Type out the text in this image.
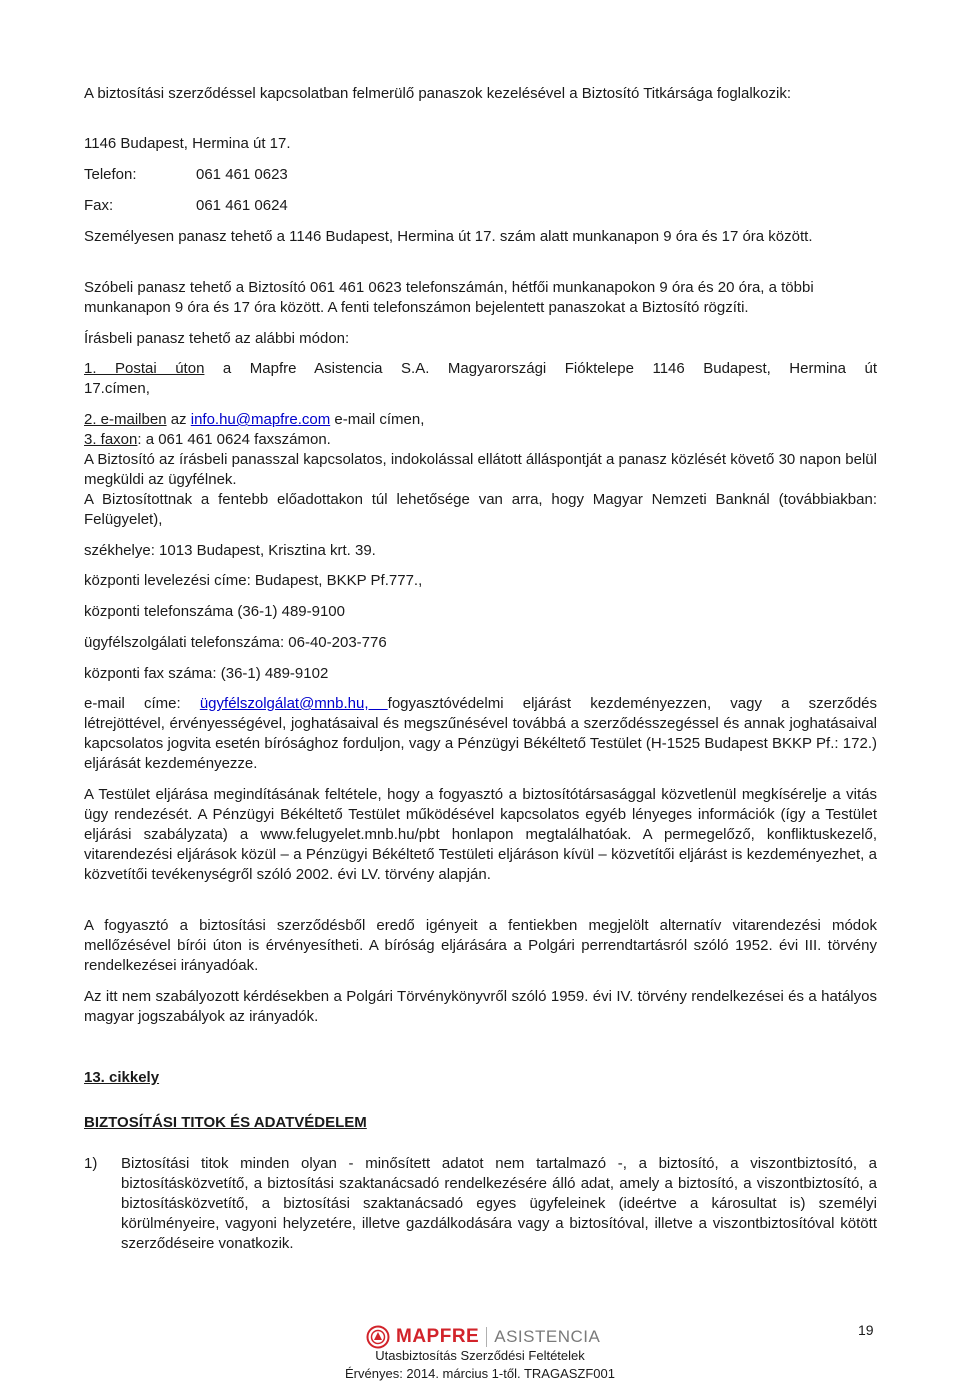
A biztosítási szerződéssel kapcsolatban felmerülő panaszok kezelésével a Biztosító Titkársága foglalkozik:

1146 Budapest, Hermina út 17.

Telefon:	061 461 0623

Fax:	061 461 0624

Személyesen panasz tehető a 1146 Budapest, Hermina út 17. szám alatt munkanapon 9 óra és 17 óra között.

Szóbeli panasz tehető a Biztosító 061 461 0623 telefonszámán, hétfői munkanapokon 9 óra és 20 óra, a többi munkanapon 9 óra és 17 óra között. A fenti telefonszámon bejelentett panaszokat a Biztosító rögzíti.

Írásbeli panasz tehető az alábbi módon:

1. Postai úton a Mapfre Asistencia S.A. Magyarországi Fióktelepe 1146 Budapest, Hermina út

17.címen,

2. e-mailben az info.hu@mapfre.com e-mail címen,

3. faxon: a 061 461 0624 faxszámon.

A Biztosító az írásbeli panasszal kapcsolatos, indokolással ellátott álláspontját a panasz közlését követő 30 napon belül megküldi az ügyfélnek.

A Biztosítottnak a fentebb előadottakon túl lehetősége van arra, hogy Magyar Nemzeti Banknál (továbbiakban: Felügyelet),

székhelye: 1013 Budapest, Krisztina krt. 39.

központi levelezési címe: Budapest, BKKP Pf.777.,

központi telefonszáma (36-1) 489-9100

ügyfélszolgálati telefonszáma: 06-40-203-776

központi fax száma: (36-1) 489-9102

e-mail címe: ügyfélszolgálat@mnb.hu, fogyasztóvédelmi eljárást kezdeményezzen, vagy a szerződés

létrejöttével, érvényességével, joghatásaival és megszűnésével továbbá a szerződésszegéssel és annak joghatásaival kapcsolatos jogvita esetén bírósághoz forduljon, vagy a Pénzügyi Békéltető Testület (H-1525 Budapest BKKP Pf.: 172.) eljárását kezdeményezze.

A Testület eljárása megindításának feltétele, hogy a fogyasztó a biztosítótársasággal közvetlenül megkísérelje a vitás ügy rendezését. A Pénzügyi Békéltető Testület működésével kapcsolatos egyéb lényeges információk (így a Testület eljárási szabályzata) a www.felugyelet.mnb.hu/pbt honlapon megtalálhatóak. A permegelőző, konfliktuskezelő, vitarendezési eljárások közül – a Pénzügyi Békéltető Testületi eljáráson kívül – közvetítői eljárást is kezdeményezhet, a közvetítői tevékenységről szóló 2002. évi LV. törvény alapján.

A fogyasztó a biztosítási szerződésből eredő igényeit a fentiekben megjelölt alternatív vitarendezési módok mellőzésével bírói úton is érvényesítheti. A bíróság eljárására a Polgári perrendtartásról szóló 1952. évi III. törvény rendelkezései irányadóak.

Az itt nem szabályozott kérdésekben a Polgári Törvénykönyvről szóló 1959. évi IV. törvény rendelkezései és a hatályos magyar jogszabályok az irányadók.

13. cikkely

BIZTOSÍTÁSI TITOK ÉS ADATVÉDELEM

1) Biztosítási titok minden olyan - minősített adatot nem tartalmazó -, a biztosító, a viszontbiztosító, a biztosításközvetítő, a biztosítási szaktanácsadó rendelkezésére álló adat, amely a biztosító, a viszontbiztosító, a biztosításközvetítő, a biztosítási szaktanácsadó egyes ügyfeleinek (ideértve a károsultat is) személyi körülményeire, vagyoni helyzetére, illetve gazdálkodására vagy a biztosítóval, illetve a viszontbiztosítóval kötött szerződéseire vonatkozik.
MAPFRE ASISTENCIA	19
Utasbiztosítás Szerződési Feltételek
Érvényes: 2014. március 1-től. TRAGASZF001
